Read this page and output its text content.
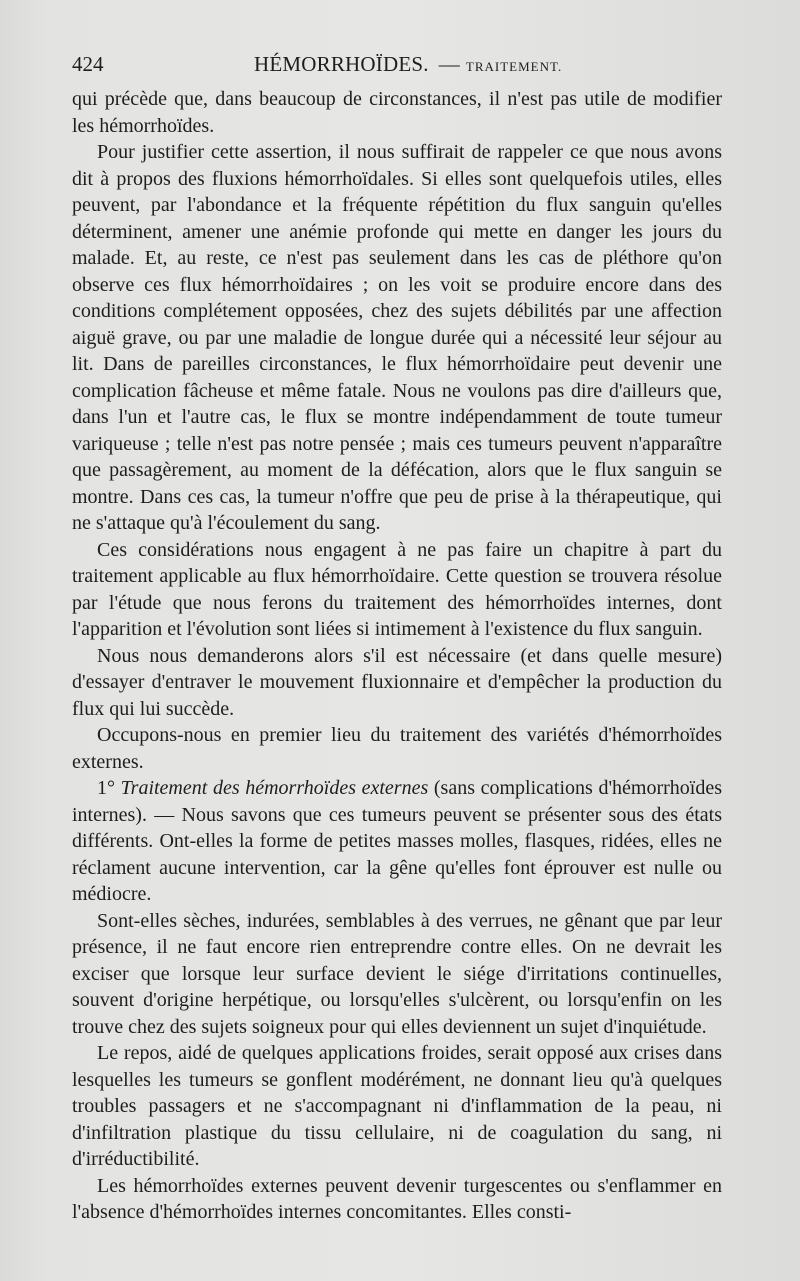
424	HÉMORRHOÏDES. — TRAITEMENT.

qui précède que, dans beaucoup de circonstances, il n'est pas utile de modifier les hémorrhoïdes.

Pour justifier cette assertion, il nous suffirait de rappeler ce que nous avons dit à propos des fluxions hémorrhoïdales. Si elles sont quelquefois utiles, elles peuvent, par l'abondance et la fréquente répétition du flux sanguin qu'elles déterminent, amener une anémie profonde qui mette en danger les jours du malade. Et, au reste, ce n'est pas seulement dans les cas de pléthore qu'on observe ces flux hémorrhoïdaires ; on les voit se produire encore dans des conditions complétement opposées, chez des sujets débilités par une affection aiguë grave, ou par une maladie de longue durée qui a nécessité leur séjour au lit. Dans de pareilles circonstances, le flux hémorrhoïdaire peut devenir une complication fâcheuse et même fatale. Nous ne voulons pas dire d'ailleurs que, dans l'un et l'autre cas, le flux se montre indépendamment de toute tumeur variqueuse ; telle n'est pas notre pensée ; mais ces tumeurs peuvent n'apparaître que passagèrement, au moment de la défécation, alors que le flux sanguin se montre. Dans ces cas, la tumeur n'offre que peu de prise à la thérapeutique, qui ne s'attaque qu'à l'écoulement du sang.

Ces considérations nous engagent à ne pas faire un chapitre à part du traitement applicable au flux hémorrhoïdaire. Cette question se trouvera résolue par l'étude que nous ferons du traitement des hémorrhoïdes internes, dont l'apparition et l'évolution sont liées si intimement à l'existence du flux sanguin.

Nous nous demanderons alors s'il est nécessaire (et dans quelle mesure) d'essayer d'entraver le mouvement fluxionnaire et d'empêcher la production du flux qui lui succède.

Occupons-nous en premier lieu du traitement des variétés d'hémorrhoïdes externes.

1° Traitement des hémorrhoïdes externes (sans complications d'hémorrhoïdes internes). — Nous savons que ces tumeurs peuvent se présenter sous des états différents. Ont-elles la forme de petites masses molles, flasques, ridées, elles ne réclament aucune intervention, car la gêne qu'elles font éprouver est nulle ou médiocre.

Sont-elles sèches, indurées, semblables à des verrues, ne gênant que par leur présence, il ne faut encore rien entreprendre contre elles. On ne devrait les exciser que lorsque leur surface devient le siége d'irritations continuelles, souvent d'origine herpétique, ou lorsqu'elles s'ulcèrent, ou lorsqu'enfin on les trouve chez des sujets soigneux pour qui elles deviennent un sujet d'inquiétude.

Le repos, aidé de quelques applications froides, serait opposé aux crises dans lesquelles les tumeurs se gonflent modérément, ne donnant lieu qu'à quelques troubles passagers et ne s'accompagnant ni d'inflammation de la peau, ni d'infiltration plastique du tissu cellulaire, ni de coagulation du sang, ni d'irréductibilité.

Les hémorrhoïdes externes peuvent devenir turgescentes ou s'enflammer en l'absence d'hémorrhoïdes internes concomitantes. Elles consti-
